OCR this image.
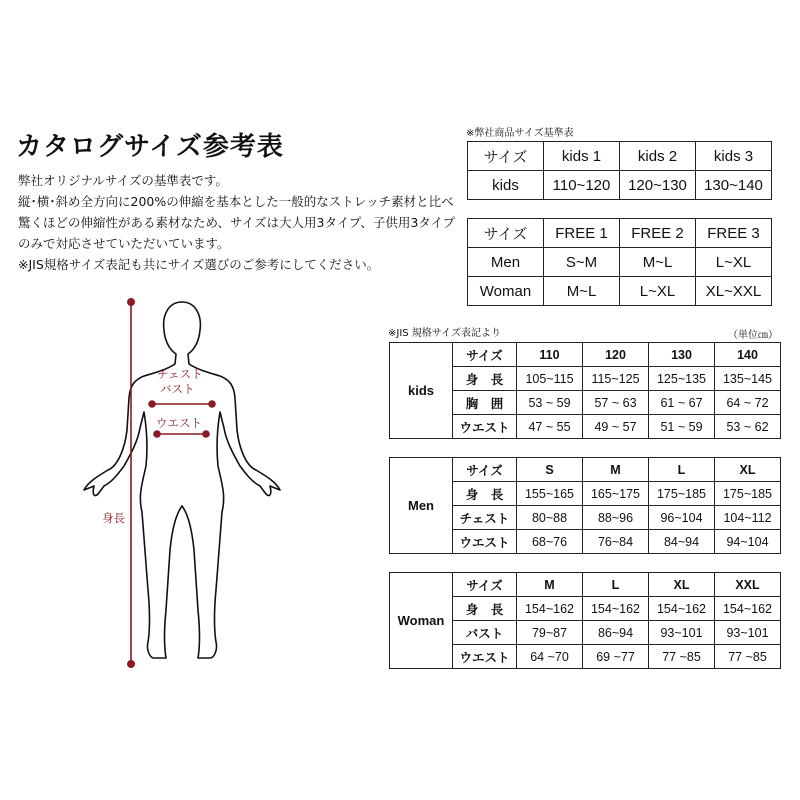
カタログサイズ参考表
弊社オリジナルサイズの基準表です。
縦･横･斜め全方向に200%の伸縮を基本とした一般的なストレッチ素材と比べ
驚くほどの伸縮性がある素材なため、サイズは大人用3タイプ、子供用3タイプ
のみで対応させていただいています。
※JIS規格サイズ表記も共にサイズ選びのご参考にしてください。
※弊社商品サイズ基準表
サイズ	kids 1	kids 2	kids 3
kids	110~120	120~130	130~140
サイズ	FREE 1	FREE 2	FREE 3
Men	S~M	M~L	L~XL
Woman	M~L	L~XL	XL~XXL
※JIS 規格サイズ表記より	（単位㎝）
kids	サイズ	110	120	130	140
	身　長	105~115	115~125	125~135	135~145
	胸　囲	53 ~ 59	57 ~ 63	61 ~ 67	64 ~ 72
	ウエスト	47 ~ 55	49 ~ 57	51 ~ 59	53 ~ 62
Men	サイズ	S	M	L	XL
	身　長	155~165	165~175	175~185	175~185
	チェスト	80~88	88~96	96~104	104~112
	ウエスト	68~76	76~84	84~94	94~104
Woman	サイズ	M	L	XL	XXL
	身　長	154~162	154~162	154~162	154~162
	バスト	79~87	86~94	93~101	93~101
	ウエスト	64 ~70	69 ~77	77 ~85	77 ~85
チェスト
バスト
ウエスト
身長
